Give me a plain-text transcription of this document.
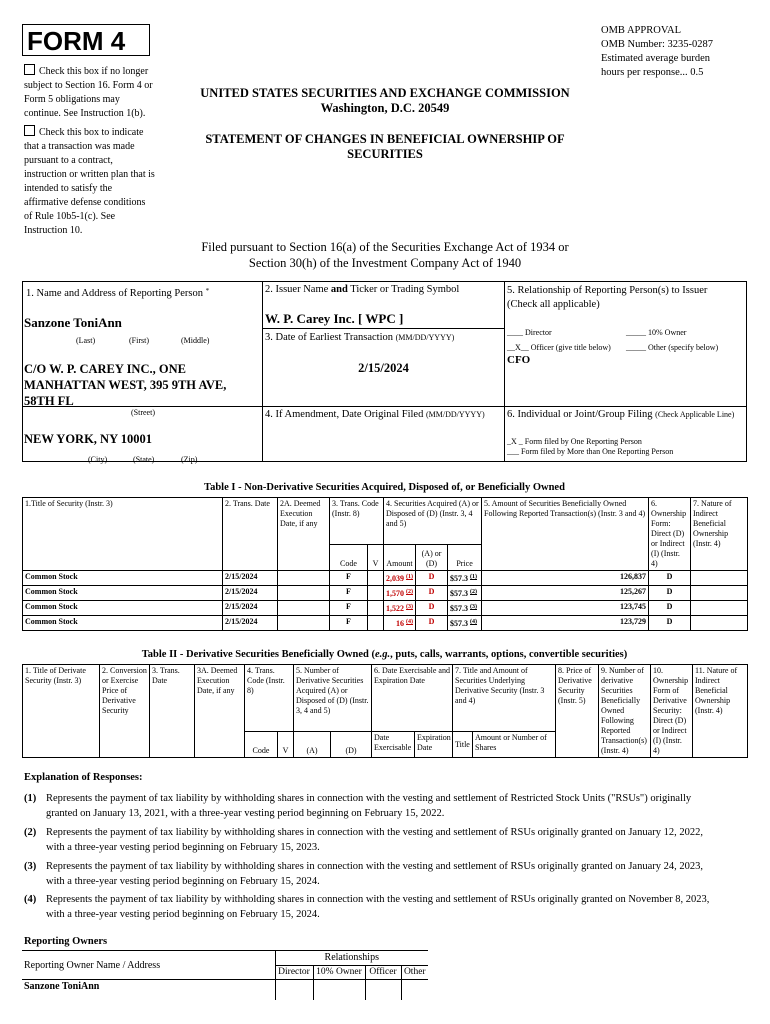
FORM 4	OMB APPROVAL
OMB Number: 3235-0287
Estimated average burden
hours per response... 0.5
Check this box if no longer
subject to Section 16. Form 4 or
Form 5 obligations may
continue. See Instruction 1(b).
Check this box to indicate
that a transaction was made
pursuant to a contract,
instruction or written plan that is
intended to satisfy the
affirmative defense conditions
of Rule 10b5-1(c). See
Instruction 10.
UNITED STATES SECURITIES AND EXCHANGE COMMISSION
Washington, D.C. 20549
STATEMENT OF CHANGES IN BENEFICIAL OWNERSHIP OF
SECURITIES
Filed pursuant to Section 16(a) of the Securities Exchange Act of 1934 or
Section 30(h) of the Investment Company Act of 1940
1. Name and Address of Reporting Person *
Sanzone ToniAnn
(Last)	(First)	(Middle)
C/O W. P. CAREY INC., ONE
MANHATTAN WEST, 395 9TH AVE,
58TH FL
(Street)
NEW YORK, NY 10001
(City)	(State)	(Zip)
2. Issuer Name and Ticker or Trading Symbol
W. P. Carey Inc. [ WPC ]
3. Date of Earliest Transaction (MM/DD/YYYY)
2/15/2024
4. If Amendment, Date Original Filed (MM/DD/YYYY)
5. Relationship of Reporting Person(s) to Issuer
(Check all applicable)
____ Director	_____ 10% Owner
__X__ Officer (give title below) _____ Other (specify below)
CFO
6. Individual or Joint/Group Filing (Check Applicable Line)
_X _ Form filed by One Reporting Person
___ Form filed by More than One Reporting Person
Table I - Non-Derivative Securities Acquired, Disposed of, or Beneficially Owned
1.Title of Security (Instr. 3)	2. Trans. Date	2A. Deemed Execution Date, if any	3. Trans. Code (Instr. 8)		4. Securities Acquired (A) or Disposed of (D) (Instr. 3, 4 and 5)			5. Amount of Securities Beneficially Owned Following Reported Transaction(s) (Instr. 3 and 4)	6. Ownership Form: Direct (D) or Indirect (I) (Instr. 4)	7. Nature of Indirect Beneficial Ownership (Instr. 4)
			Code	V	Amount	(A) or (D)	Price			
Common Stock	2/15/2024		F		2,039 $^{(1)}$	D	$57.3 $^{(1)}$	126,837	D	
Common Stock	2/15/2024		F		1,570 $^{(2)}$	D	$57.3 $^{(2)}$	125,267	D	
Common Stock	2/15/2024		F		1,522 $^{(3)}$	D	$57.3 $^{(3)}$	123,745	D	
Common Stock	2/15/2024		F		16 $^{(4)}$	D	$57.3 $^{(4)}$	123,729	D	
Table II - Derivative Securities Beneficially Owned (e.g., puts, calls, warrants, options, convertible securities)
1. Title of Derivate Security (Instr. 3)	2. Conversion or Exercise Price of Derivative Security	3. Trans. Date	3A. Deemed Execution Date, if any	4. Trans. Code (Instr. 8)		5. Number of Derivative Securities Acquired (A) or Disposed of (D) (Instr. 3, 4 and 5)		6. Date Exercisable and Expiration Date		7. Title and Amount of Securities Underlying Derivative Security (Instr. 3 and 4)		8. Price of Derivative Security (Instr. 5)	9. Number of derivative Securities Beneficially Owned Following Reported Transaction(s) (Instr. 4)	10. Ownership Form of Derivative Security: Direct (D) or Indirect (I) (Instr. 4)	11. Nature of Indirect Beneficial Ownership (Instr. 4)
				Code	V	(A)	(D)	Date Exercisable	Expiration Date	Title	Amount or Number of Shares				
Explanation of Responses:
(1) Represents the payment of tax liability by withholding shares in connection with the vesting and settlement of Restricted Stock Units ("RSUs") originally
granted on January 13, 2021, with a three-year vesting period beginning on February 15, 2022.
(2) Represents the payment of tax liability by withholding shares in connection with the vesting and settlement of RSUs originally granted on January 12, 2022,
with a three-year vesting period beginning on February 15, 2023.
(3) Represents the payment of tax liability by withholding shares in connection with the vesting and settlement of RSUs originally granted on January 24, 2023,
with a three-year vesting period beginning on February 15, 2024.
(4) Represents the payment of tax liability by withholding shares in connection with the vesting and settlement of RSUs originally granted on November 8, 2023,
with a three-year vesting period beginning on February 15, 2024.
Reporting Owners
Reporting Owner Name / Address	Relationships			
	Director	10% Owner	Officer	Other
Sanzone ToniAnn				
